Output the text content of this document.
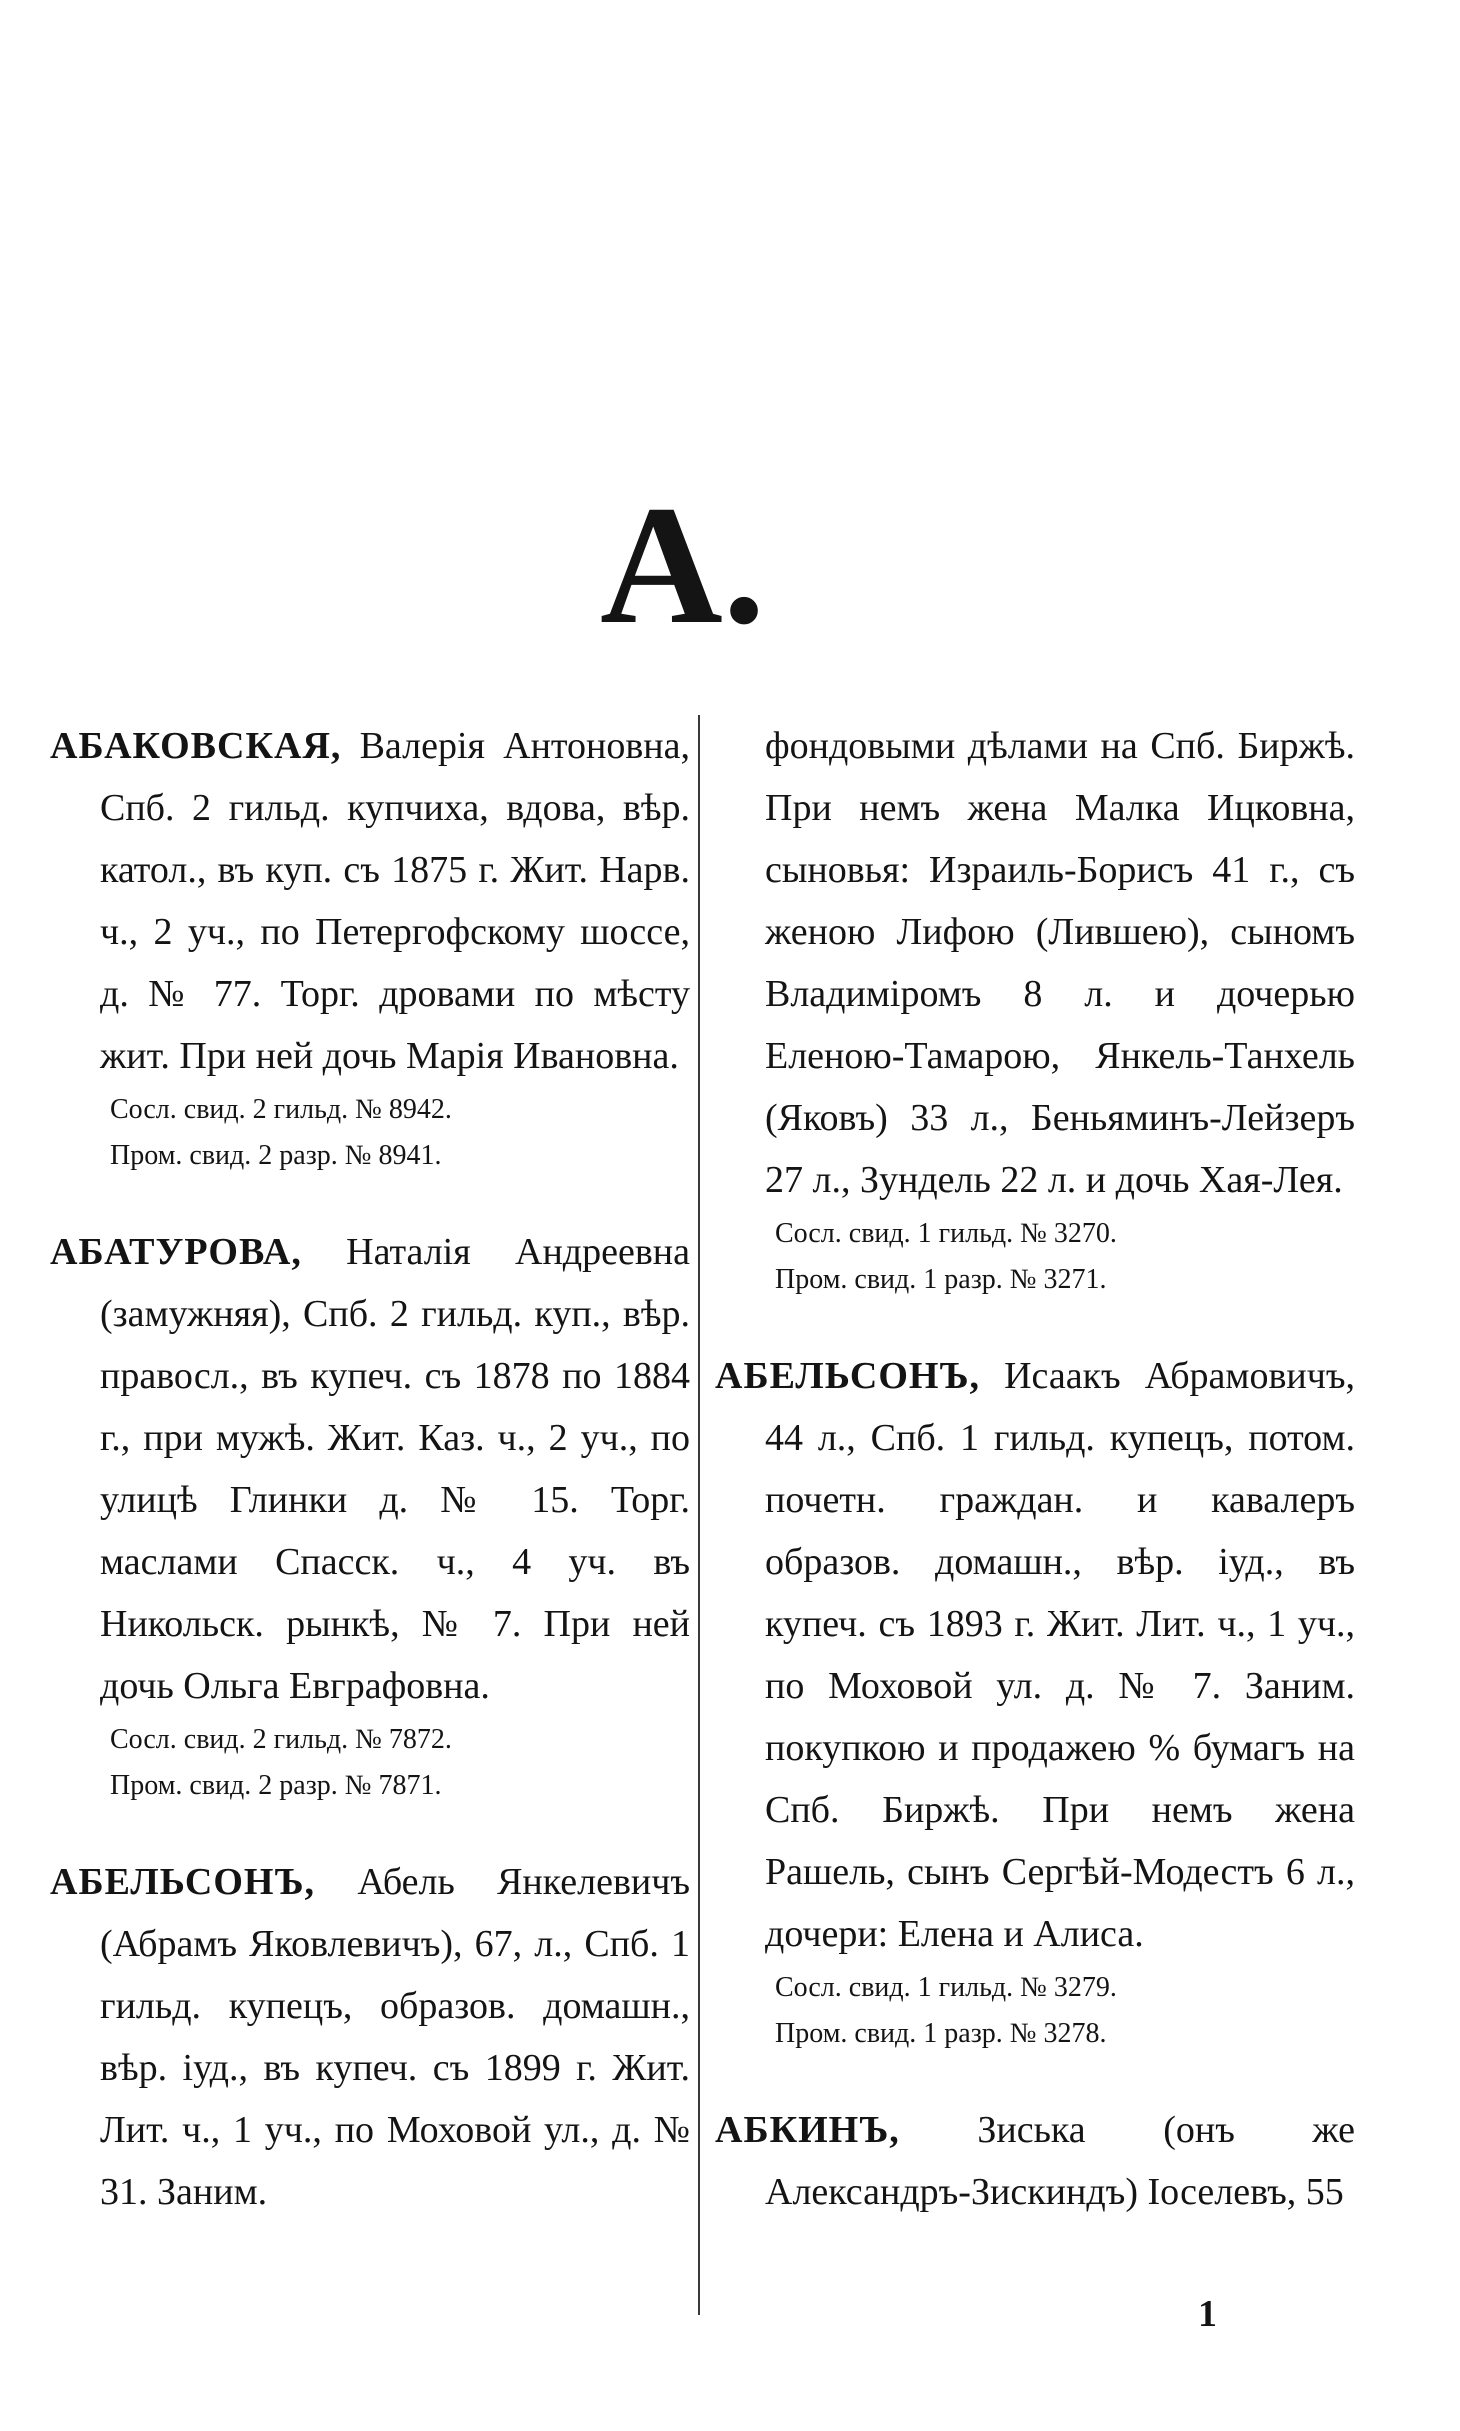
А.
АБАКОВСКАЯ, Валерія Антоновна, Спб. 2 гильд. купчиха, вдова, вѣр. катол., въ куп. съ 1875 г. Жит. Нарв. ч., 2 уч., по Петергофскому шоссе, д. № 77. Торг. дровами по мѣсту жит. При ней дочь Марія Ивановна.
Сосл. свид. 2 гильд. № 8942.
Пром. свид. 2 разр. № 8941.
АБАТУРОВА, Наталія Андреевна (замужняя), Спб. 2 гильд. куп., вѣр. правосл., въ купеч. съ 1878 по 1884 г., при мужѣ. Жит. Каз. ч., 2 уч., по улицѣ Глинки д. № 15. Торг. маслами Спасск. ч., 4 уч. въ Никольск. рынкѣ, № 7. При ней дочь Ольга Евграфовна.
Сосл. свид. 2 гильд. № 7872.
Пром. свид. 2 разр. № 7871.
АБЕЛЬСОНЪ, Абель Янкелевичъ (Абрамъ Яковлевичъ), 67, л., Спб. 1 гильд. купецъ, образов. домашн., вѣр. іуд., въ купеч. съ 1899 г. Жит. Лит. ч., 1 уч., по Моховой ул., д. № 31. Заним.
фондовыми дѣлами на Спб. Биржѣ. При немъ жена Малка Ицковна, сыновья: Израиль-Борисъ 41 г., съ женою Лифою (Лившею), сыномъ Владиміромъ 8 л. и дочерью Еленою-Тамарою, Янкель-Танхель (Яковъ) 33 л., Беньяминъ-Лейзеръ 27 л., Зундель 22 л. и дочь Хая-Лея.
Сосл. свид. 1 гильд. № 3270.
Пром. свид. 1 разр. № 3271.
АБЕЛЬСОНЪ, Исаакъ Абрамовичъ, 44 л., Спб. 1 гильд. купецъ, потом. почетн. граждан. и кавалеръ образов. домашн., вѣр. іуд., въ купеч. съ 1893 г. Жит. Лит. ч., 1 уч., по Моховой ул. д. № 7. Заним. покупкою и продажею % бумагъ на Спб. Биржѣ. При немъ жена Рашель, сынъ Сергѣй-Модестъ 6 л., дочери: Елена и Алиса.
Сосл. свид. 1 гильд. № 3279.
Пром. свид. 1 разр. № 3278.
АБКИНЪ, Зиська (онъ же Александръ-Зискиндъ) Іоселевъ, 55
1
